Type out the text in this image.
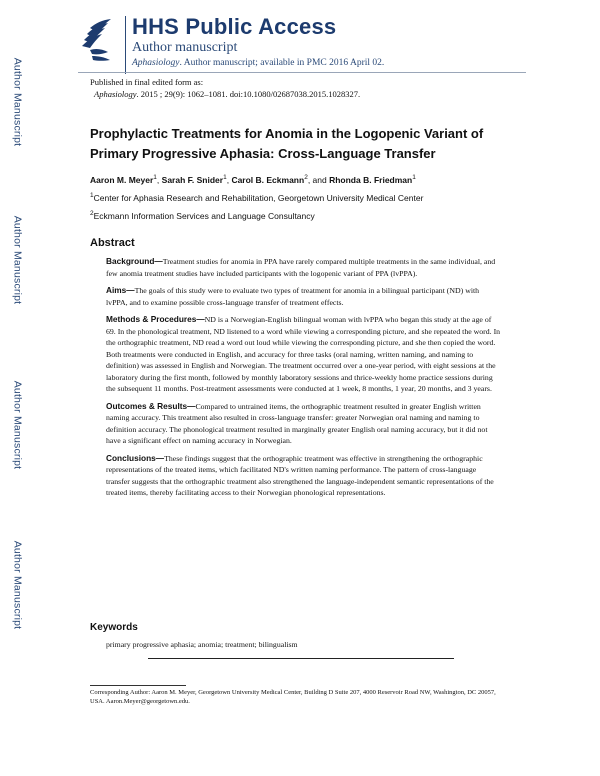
Author Manuscript
Author Manuscript
Author Manuscript
Author Manuscript
HHS Public Access
Author manuscript
Aphasiology. Author manuscript; available in PMC 2016 April 02.
Published in final edited form as:
Aphasiology. 2015 ; 29(9): 1062–1081. doi:10.1080/02687038.2015.1028327.
Prophylactic Treatments for Anomia in the Logopenic Variant of Primary Progressive Aphasia: Cross-Language Transfer
Aaron M. Meyer$^1$, Sarah F. Snider$^1$, Carol B. Eckmann$^2$, and Rhonda B. Friedman$^1$
$^1$Center for Aphasia Research and Rehabilitation, Georgetown University Medical Center
$^2$Eckmann Information Services and Language Consultancy
Abstract

Background—Treatment studies for anomia in PPA have rarely compared multiple treatments in the same individual, and few anomia treatment studies have included participants with the logopenic variant of PPA (lvPPA).

Aims—The goals of this study were to evaluate two types of treatment for anomia in a bilingual participant (ND) with lvPPA, and to examine possible cross-language transfer of treatment effects.

Methods & Procedures—ND is a Norwegian-English bilingual woman with lvPPA who began this study at the age of 69. In the phonological treatment, ND listened to a word while viewing a corresponding picture, and she repeated the word. In the orthographic treatment, ND read a word out loud while viewing the corresponding picture, and she then copied the word. Both treatments were conducted in English, and accuracy for three tasks (oral naming, written naming, and naming to definition) was assessed in English and Norwegian. The treatment occurred over a one-year period, with eight sessions at the laboratory during the first month, followed by monthly laboratory sessions and thrice-weekly home practice sessions during the subsequent 11 months. Post-treatment assessments were conducted at 1 week, 8 months, 1 year, 20 months, and 3 years.

Outcomes & Results—Compared to untrained items, the orthographic treatment resulted in greater English written naming accuracy. This treatment also resulted in cross-language transfer: greater Norwegian oral naming and naming to definition accuracy. The phonological treatment resulted in marginally greater English oral naming accuracy, but it did not have a significant effect on naming accuracy in Norwegian.

Conclusions—These findings suggest that the orthographic treatment was effective in strengthening the orthographic representations of the treated items, which facilitated ND's written naming performance. The pattern of cross-language transfer suggests that the orthographic treatment also strengthened the language-independent semantic representations of the treated items, thereby facilitating access to their Norwegian phonological representations.

Keywords
primary progressive aphasia; anomia; treatment; bilingualism
Corresponding Author: Aaron M. Meyer, Georgetown University Medical Center, Building D Suite 207, 4000 Reservoir Road NW, Washington, DC 20057, USA. Aaron.Meyer@georgetown.edu.
